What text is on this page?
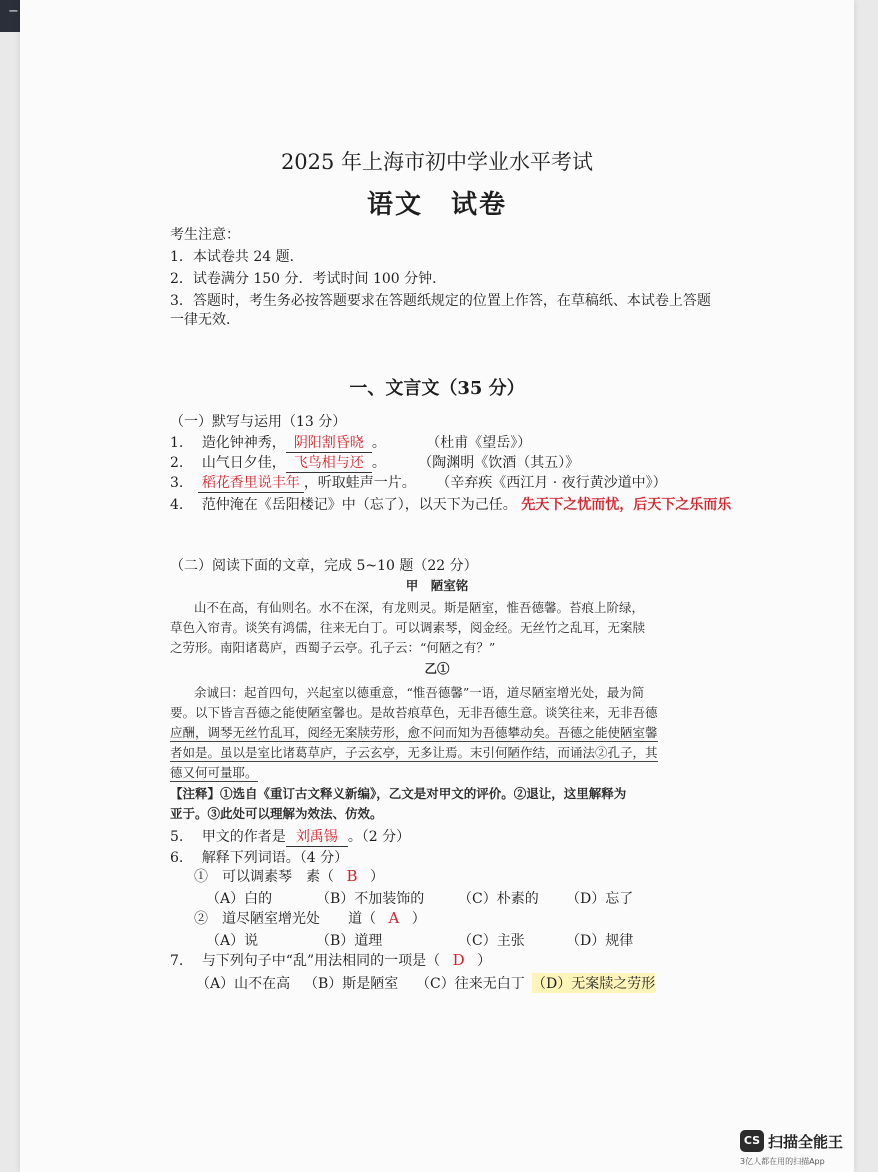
−
2025 年上海市初中学业水平考试
语文　试卷
考生注意：
1．本试卷共 24 题．
2．试卷满分 150 分．考试时间 100 分钟．
3．答题时，考生务必按答题要求在答题纸规定的位置上作答，在草稿纸、本试卷上答题
一律无效．
一、文言文（35 分）
（一）默写与运用（13 分）
1. 造化钟神秀， 阴阳割昏晓 。	（杜甫《望岳》）
2. 山气日夕佳， 飞鸟相与还 。 （陶渊明《饮酒（其五）》
3. 稻花香里说丰年 ，听取蛙声一片。 （辛弃疾《西江月 · 夜行黄沙道中》）
4. 范仲淹在《岳阳楼记》中（忘了），以天下为己任。 先天下之忧而忧，后天下之乐而乐
（二）阅读下面的文章，完成 5~10 题（22 分）
甲　陋室铭
山不在高，有仙则名。水不在深，有龙则灵。斯是陋室，惟吾德馨。苔痕上阶绿，
草色入帘青。谈笑有鸿儒，往来无白丁。可以调素琴，阅金经。无丝竹之乱耳，无案牍
之劳形。南阳诸葛庐，西蜀子云亭。孔子云：“何陋之有？”
乙①
余诚曰：起首四句，兴起室以德重意，“惟吾德馨”一语，道尽陋室增光处，最为简
要。以下皆言吾德之能使陋室馨也。是故苔痕草色，无非吾德生意。谈笑往来，无非吾德
应酬，调琴无丝竹乱耳，阅经无案牍劳形，愈不问而知为吾德攀动矣。吾德之能使陋室馨
者如是。虽以是室比诸葛草庐，子云玄亭，无多让焉。末引何陋作结，而诵法②孔子，其
德又何可量耶。
【注释】①选自《重订古文释义新编》，乙文是对甲文的评价。②退让，这里解释为
亚于。③此处可以理解为效法、仿效。
5. 甲文的作者是 刘禹锡 。（2 分）
6. 解释下列词语。（4 分）
①　可以调素琴　素（ B ）
（A）白的	（B）不加装饰的 （C）朴素的 （D）忘了
②　道尽陋室增光处　　道（ A ）
（A）说	（B）道理	（C）主张	（D）规律
7. 与下列句子中“乱”用法相同的一项是（ D ）
（A）山不在高 （B）斯是陋室 （C）往来无白丁 （D）无案牍之劳形
CS 扫描全能王
3亿人都在用的扫描App
